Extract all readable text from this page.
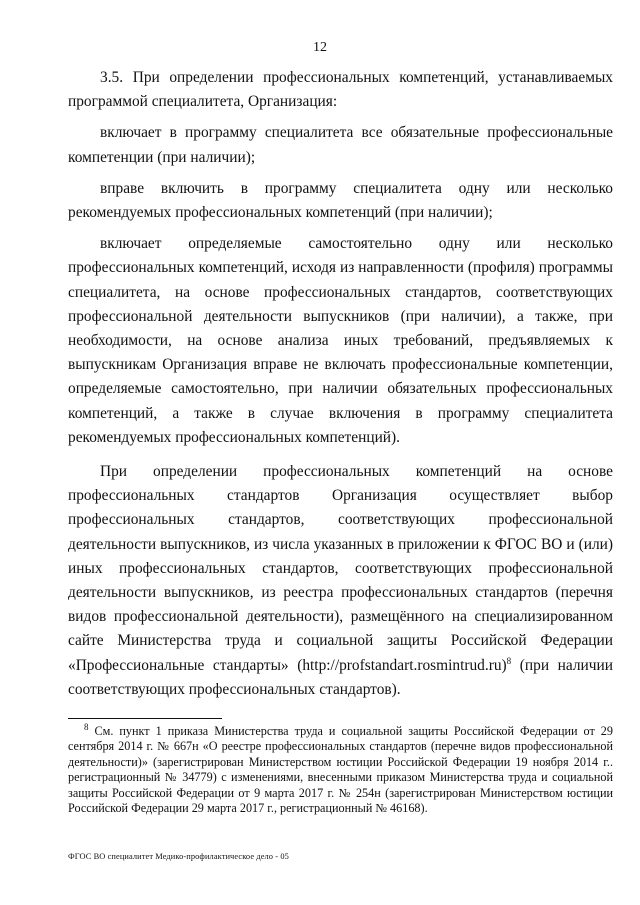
12

3.5. При определении профессиональных компетенций, устанавливаемых программой специалитета, Организация:

включает в программу специалитета все обязательные профессиональные компетенции (при наличии);

вправе включить в программу специалитета одну или несколько рекомендуемых профессиональных компетенций (при наличии);

включает определяемые самостоятельно одну или несколько профессиональных компетенций, исходя из направленности (профиля) программы специалитета, на основе профессиональных стандартов, соответствующих профессиональной деятельности выпускников (при наличии), а также, при необходимости, на основе анализа иных требований, предъявляемых к выпускникам Организация вправе не включать профессиональные компетенции, определяемые самостоятельно, при наличии обязательных профессиональных компетенций, а также в случае включения в программу специалитета рекомендуемых профессиональных компетенций).

При определении профессиональных компетенций на основе профессиональных стандартов Организация осуществляет выбор профессиональных стандартов, соответствующих профессиональной деятельности выпускников, из числа указанных в приложении к ФГОС ВО и (или) иных профессиональных стандартов, соответствующих профессиональной деятельности выпускников, из реестра профессиональных стандартов (перечня видов профессиональной деятельности), размещённого на специализированном сайте Министерства труда и социальной защиты Российской Федерации «Профессиональные стандарты» (http://profstandart.rosmintrud.ru)$^8$ (при наличии соответствующих профессиональных стандартов).

$^8$ См. пункт 1 приказа Министерства труда и социальной защиты Российской Федерации от 29 сентября 2014 г. № 667н «О реестре профессиональных стандартов (перечне видов профессиональной деятельности)» (зарегистрирован Министерством юстиции Российской Федерации 19 ноября 2014 г.. регистрационный № 34779) с изменениями, внесенными приказом Министерства труда и социальной защиты Российской Федерации от 9 марта 2017 г. № 254н (зарегистрирован Министерством юстиции Российской Федерации 29 марта 2017 г., регистрационный № 46168).

ФГОС ВО специалитет Медико-профилактическое дело - 05
